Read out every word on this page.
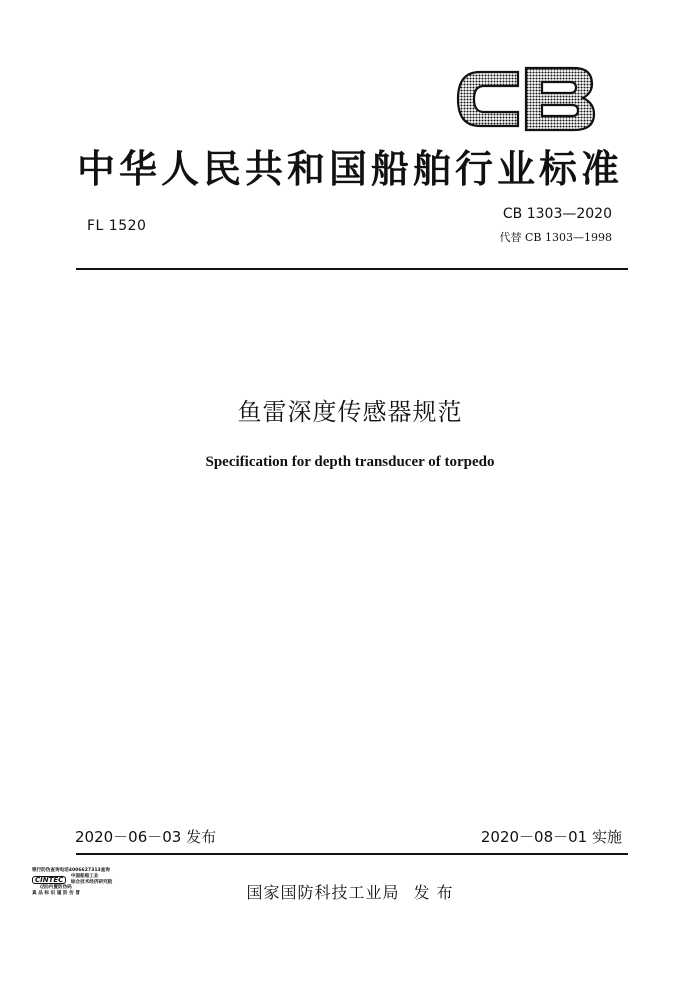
中华人民共和国船舶行业标准
FL 1520
CB 1303—2020
代替 CB 1303—1998
鱼雷深度传感器规范
Specification for depth transducer of torpedo
2020－06－03 发布	2020－08－01 实施
银行防伪查询电话4006627313查询
CINTEC 中国船舶工业
综合技术经济研究院
(刮)内置防伪码
真 品 标 识 谨 防 仿 冒	国家国防科技工业局 发 布
